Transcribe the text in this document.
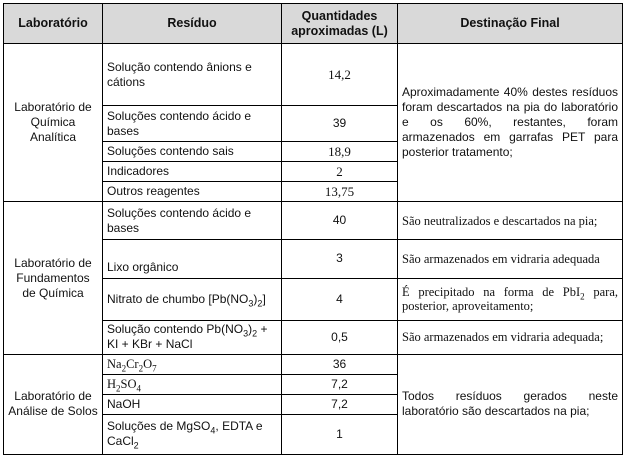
Laboratório	Resíduo	Quantidades aproximadas (L)	Destinação Final
Laboratório de Química Analítica	Solução contendo ânions e cátions	14,2	Aproximadamente 40% destes resíduos foram descartados na pia do laboratório e os 60%, restantes, foram armazenados em garrafas PET para posterior tratamento;
	Soluções contendo ácido e bases	39	
	Soluções contendo sais	18,9	
	Indicadores	2	
	Outros reagentes	13,75	
Laboratório de Fundamentos de Química	Soluções contendo ácido e bases	40	São neutralizados e descartados na pia;
	Lixo orgânico	3	São armazenados em vidraria adequada
	Nitrato de chumbo $[Pb(NO_3)_2]$	4	É precipitado na forma de PbI$_2$ para, posterior, aproveitamento;
	Solução contendo $Pb(NO_3)_2$ + KI + KBr + NaCl	0,5	São armazenados em vidraria adequada;
Laboratório de Análise de Solos	$Na_2Cr_2O_7$	36	Todos resíduos gerados neste laboratório são descartados na pia;
	$H_2SO_4$	7,2	
	NaOH	7,2	
	Soluções de MgSO$_4$, EDTA e CaCl$_2$	1	
